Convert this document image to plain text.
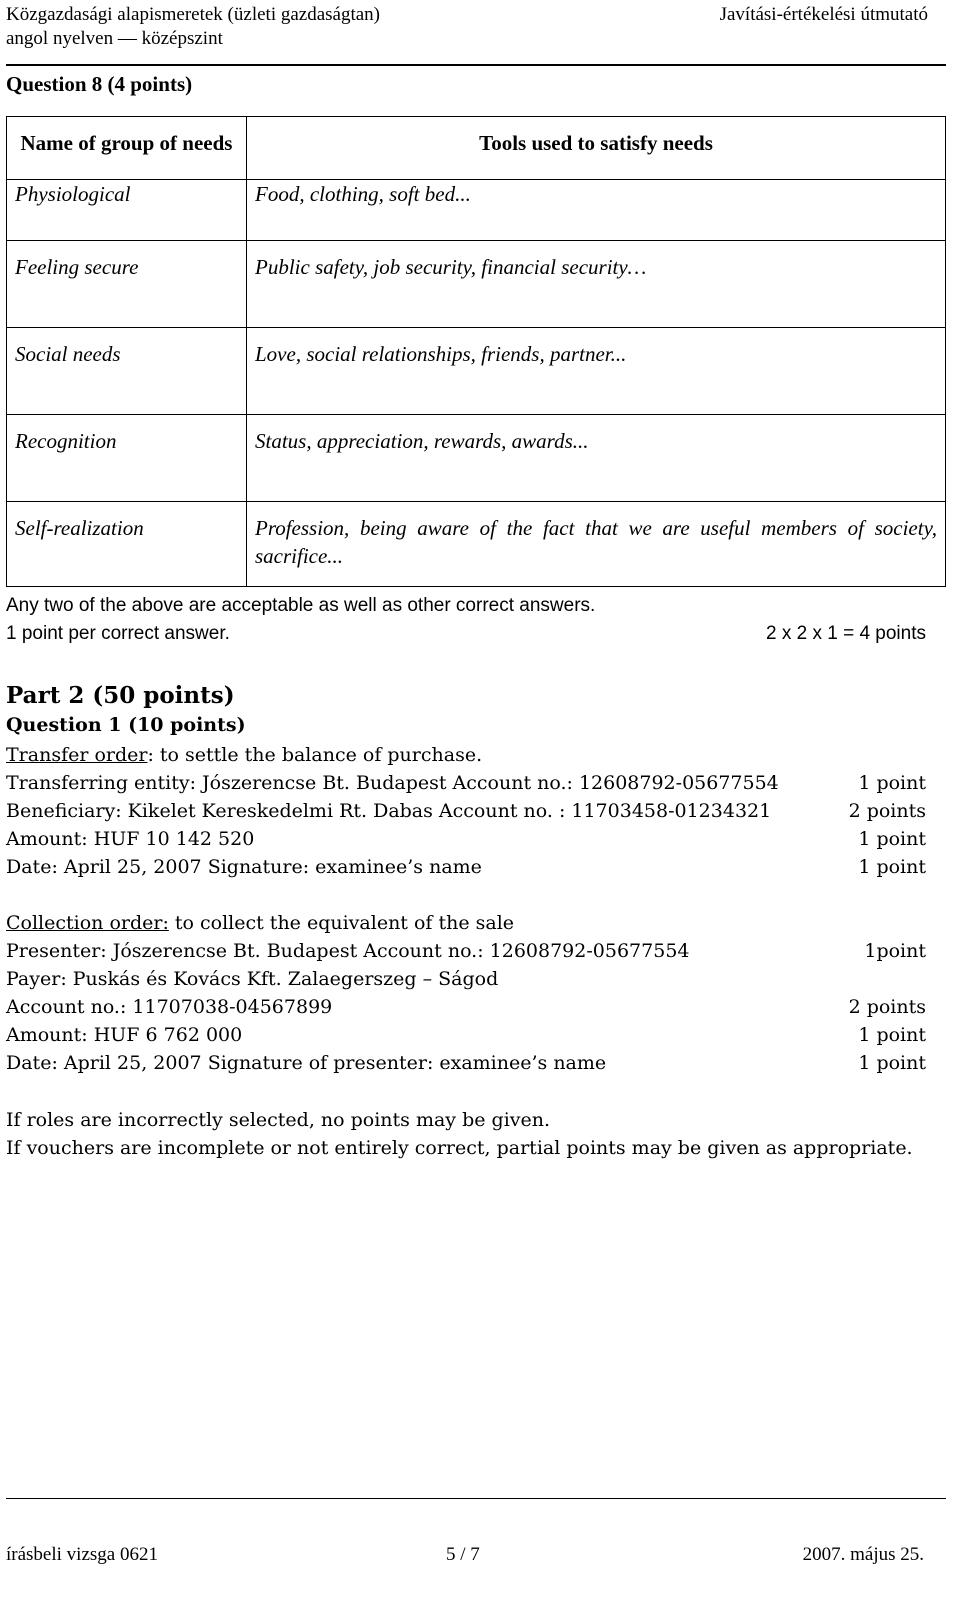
Közgazdasági alapismeretek (üzleti gazdaságtan)
angol nyelven — középszint
Javítási-értékelési útmutató
Question 8 (4 points)
Name of group of needs	Tools used to satisfy needs

Physiological	Food, clothing, soft bed...

Feeling secure	Public safety, job security, financial security…

Social needs	Love, social relationships, friends, partner...

Recognition	Status, appreciation, rewards, awards...

Self-realization	Profession, being aware of the fact that we are useful members of society, sacrifice...
Any two of the above are acceptable as well as other correct answers.
1 point per correct answer.	2 x 2 x 1 = 4 points
Part 2 (50 points)
Question 1 (10 points)
Transfer order: to settle the balance of purchase.
Transferring entity: Jószerencse Bt. Budapest Account no.: 12608792-05677554	1 point
Beneficiary: Kikelet Kereskedelmi Rt. Dabas Account no. : 11703458-01234321	2 points
Amount: HUF 10 142 520	1 point
Date: April 25, 2007 Signature: examinee’s name	1 point
Collection order: to collect the equivalent of the sale
Presenter: Jószerencse Bt. Budapest Account no.: 12608792-05677554	1point
Payer: Puskás és Kovács Kft. Zalaegerszeg – Ságod
Account no.: 11707038-04567899	2 points
Amount: HUF 6 762 000	1 point
Date: April 25, 2007 Signature of presenter: examinee’s name	1 point
If roles are incorrectly selected, no points may be given.
If vouchers are incomplete or not entirely correct, partial points may be given as appropriate.
írásbeli vizsga 0621	5 / 7	2007. május 25.
